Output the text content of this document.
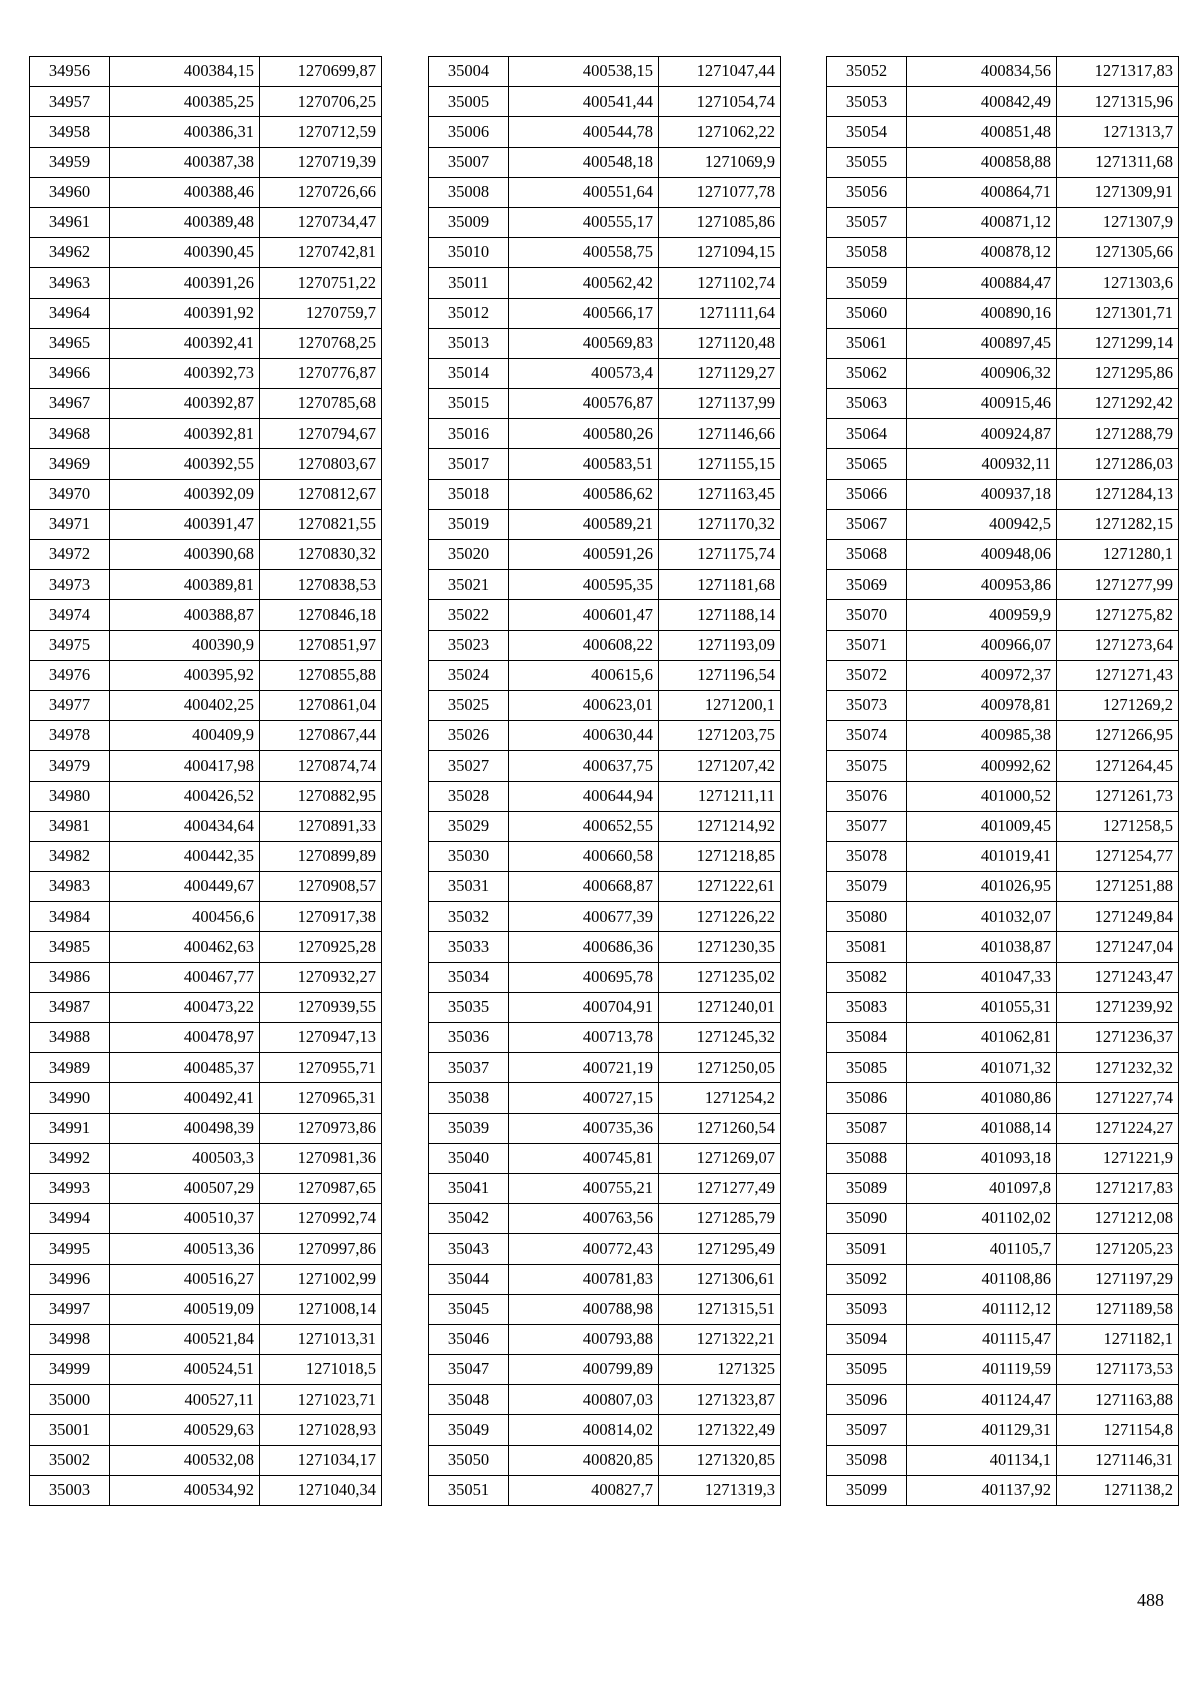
34956	400384,15	1270699,87
34957	400385,25	1270706,25
34958	400386,31	1270712,59
34959	400387,38	1270719,39
34960	400388,46	1270726,66
34961	400389,48	1270734,47
34962	400390,45	1270742,81
34963	400391,26	1270751,22
34964	400391,92	1270759,7
34965	400392,41	1270768,25
34966	400392,73	1270776,87
34967	400392,87	1270785,68
34968	400392,81	1270794,67
34969	400392,55	1270803,67
34970	400392,09	1270812,67
34971	400391,47	1270821,55
34972	400390,68	1270830,32
34973	400389,81	1270838,53
34974	400388,87	1270846,18
34975	400390,9	1270851,97
34976	400395,92	1270855,88
34977	400402,25	1270861,04
34978	400409,9	1270867,44
34979	400417,98	1270874,74
34980	400426,52	1270882,95
34981	400434,64	1270891,33
34982	400442,35	1270899,89
34983	400449,67	1270908,57
34984	400456,6	1270917,38
34985	400462,63	1270925,28
34986	400467,77	1270932,27
34987	400473,22	1270939,55
34988	400478,97	1270947,13
34989	400485,37	1270955,71
34990	400492,41	1270965,31
34991	400498,39	1270973,86
34992	400503,3	1270981,36
34993	400507,29	1270987,65
34994	400510,37	1270992,74
34995	400513,36	1270997,86
34996	400516,27	1271002,99
34997	400519,09	1271008,14
34998	400521,84	1271013,31
34999	400524,51	1271018,5
35000	400527,11	1271023,71
35001	400529,63	1271028,93
35002	400532,08	1271034,17
35003	400534,92	1271040,34
35004	400538,15	1271047,44
35005	400541,44	1271054,74
35006	400544,78	1271062,22
35007	400548,18	1271069,9
35008	400551,64	1271077,78
35009	400555,17	1271085,86
35010	400558,75	1271094,15
35011	400562,42	1271102,74
35012	400566,17	1271111,64
35013	400569,83	1271120,48
35014	400573,4	1271129,27
35015	400576,87	1271137,99
35016	400580,26	1271146,66
35017	400583,51	1271155,15
35018	400586,62	1271163,45
35019	400589,21	1271170,32
35020	400591,26	1271175,74
35021	400595,35	1271181,68
35022	400601,47	1271188,14
35023	400608,22	1271193,09
35024	400615,6	1271196,54
35025	400623,01	1271200,1
35026	400630,44	1271203,75
35027	400637,75	1271207,42
35028	400644,94	1271211,11
35029	400652,55	1271214,92
35030	400660,58	1271218,85
35031	400668,87	1271222,61
35032	400677,39	1271226,22
35033	400686,36	1271230,35
35034	400695,78	1271235,02
35035	400704,91	1271240,01
35036	400713,78	1271245,32
35037	400721,19	1271250,05
35038	400727,15	1271254,2
35039	400735,36	1271260,54
35040	400745,81	1271269,07
35041	400755,21	1271277,49
35042	400763,56	1271285,79
35043	400772,43	1271295,49
35044	400781,83	1271306,61
35045	400788,98	1271315,51
35046	400793,88	1271322,21
35047	400799,89	1271325
35048	400807,03	1271323,87
35049	400814,02	1271322,49
35050	400820,85	1271320,85
35051	400827,7	1271319,3
35052	400834,56	1271317,83
35053	400842,49	1271315,96
35054	400851,48	1271313,7
35055	400858,88	1271311,68
35056	400864,71	1271309,91
35057	400871,12	1271307,9
35058	400878,12	1271305,66
35059	400884,47	1271303,6
35060	400890,16	1271301,71
35061	400897,45	1271299,14
35062	400906,32	1271295,86
35063	400915,46	1271292,42
35064	400924,87	1271288,79
35065	400932,11	1271286,03
35066	400937,18	1271284,13
35067	400942,5	1271282,15
35068	400948,06	1271280,1
35069	400953,86	1271277,99
35070	400959,9	1271275,82
35071	400966,07	1271273,64
35072	400972,37	1271271,43
35073	400978,81	1271269,2
35074	400985,38	1271266,95
35075	400992,62	1271264,45
35076	401000,52	1271261,73
35077	401009,45	1271258,5
35078	401019,41	1271254,77
35079	401026,95	1271251,88
35080	401032,07	1271249,84
35081	401038,87	1271247,04
35082	401047,33	1271243,47
35083	401055,31	1271239,92
35084	401062,81	1271236,37
35085	401071,32	1271232,32
35086	401080,86	1271227,74
35087	401088,14	1271224,27
35088	401093,18	1271221,9
35089	401097,8	1271217,83
35090	401102,02	1271212,08
35091	401105,7	1271205,23
35092	401108,86	1271197,29
35093	401112,12	1271189,58
35094	401115,47	1271182,1
35095	401119,59	1271173,53
35096	401124,47	1271163,88
35097	401129,31	1271154,8
35098	401134,1	1271146,31
35099	401137,92	1271138,2
488
